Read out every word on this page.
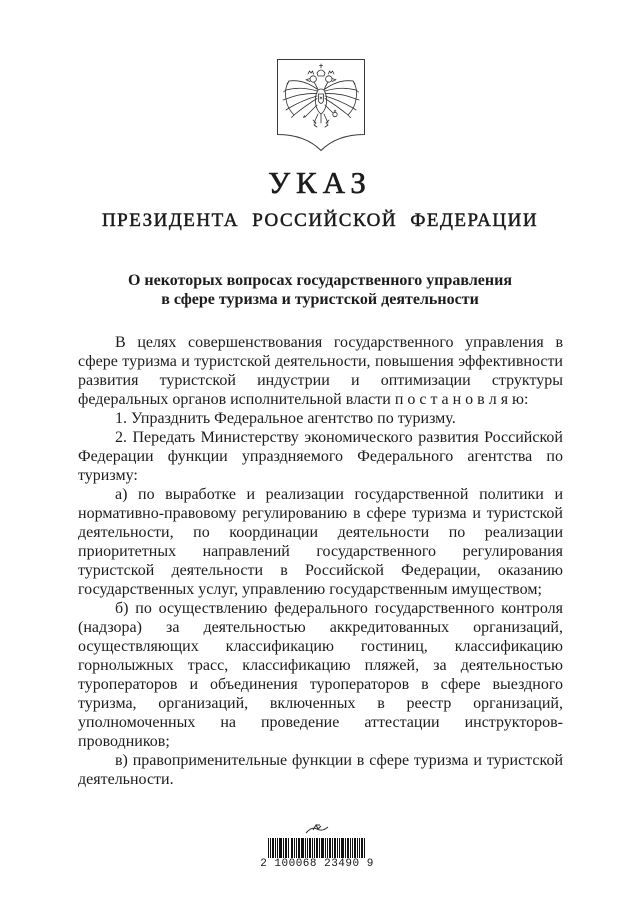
УКАЗ
ПРЕЗИДЕНТА РОССИЙСКОЙ ФЕДЕРАЦИИ
О некоторых вопросах государственного управления
в сфере туризма и туристской деятельности

В целях совершенствования государственного управления в сфере туризма и туристской деятельности, повышения эффективности развития туристской индустрии и оптимизации структуры федеральных органов исполнительной власти п о с т а н о в л я ю:

1. Упразднить Федеральное агентство по туризму.

2. Передать Министерству экономического развития Российской Федерации функции упраздняемого Федерального агентства по туризму:

а) по выработке и реализации государственной политики и нормативно-правовому регулированию в сфере туризма и туристской деятельности, по координации деятельности по реализации приоритетных направлений государственного регулирования туристской деятельности в Российской Федерации, оказанию государственных услуг, управлению государственным имуществом;

б) по осуществлению федерального государственного контроля (надзора) за деятельностью аккредитованных организаций, осуществляющих классификацию гостиниц, классификацию горнолыжных трасс, классификацию пляжей, за деятельностью туроператоров и объединения туроператоров в сфере выездного туризма, организаций, включенных в реестр организаций, уполномоченных на проведение аттестации инструкторов-проводников;

в) правоприменительные функции в сфере туризма и туристской деятельности.

2 100068 23490 9
